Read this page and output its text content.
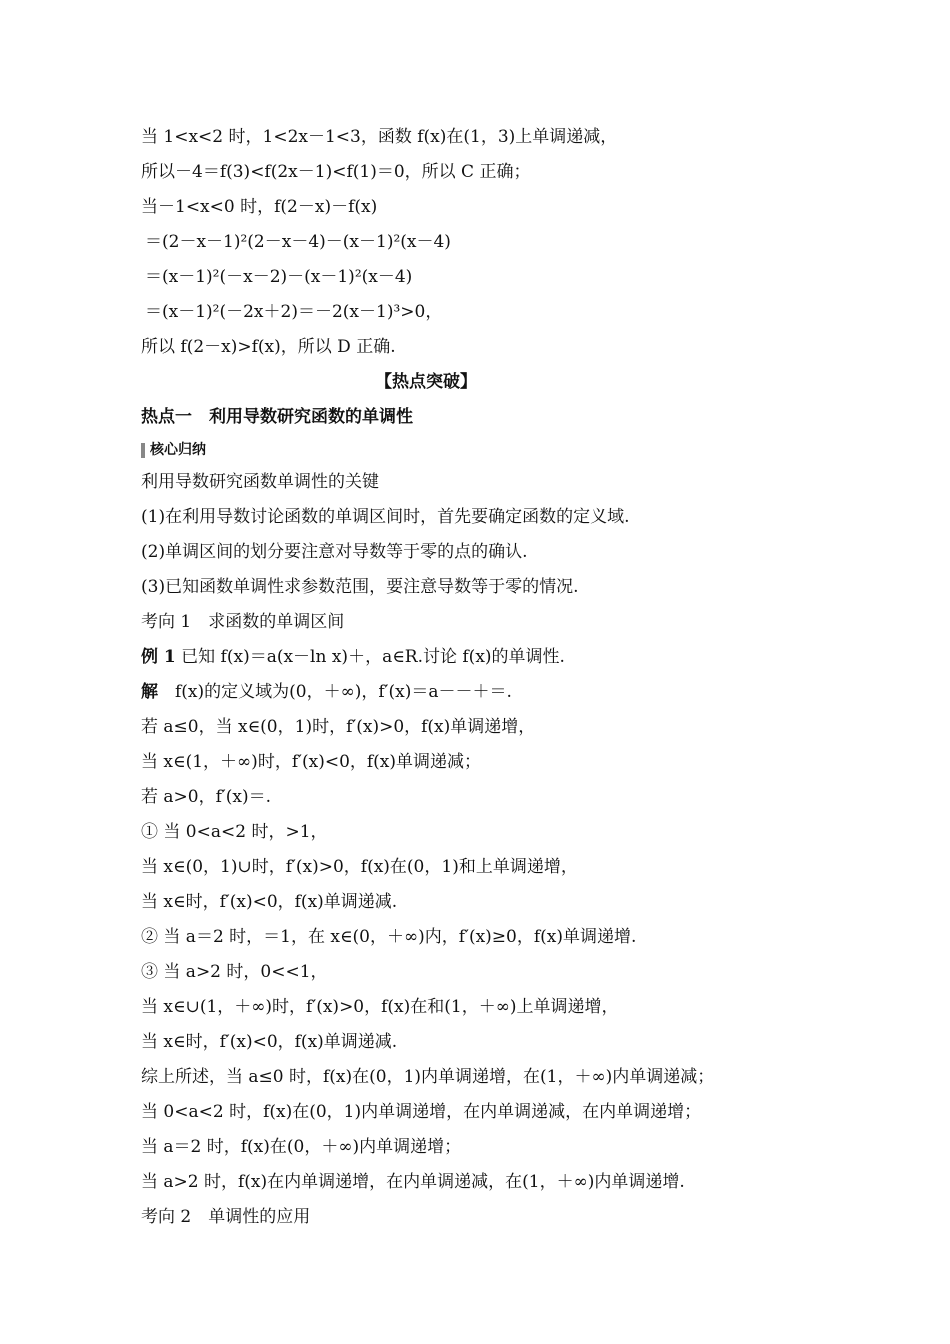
当 1<x<2 时，1<2x－1<3，函数 f(x)在(1，3)上单调递减，
所以－4＝f(3)<f(2x－1)<f(1)＝0，所以 C 正确；
当－1<x<0 时，f(2－x)－f(x)
＝(2－x－1)²(2－x－4)－(x－1)²(x－4)
＝(x－1)²(－x－2)－(x－1)²(x－4)
＝(x－1)²(－2x＋2)＝－2(x－1)³>0，
所以 f(2－x)>f(x)，所以 D 正确.
【热点突破】
热点一　利用导数研究函数的单调性
核心归纳
利用导数研究函数单调性的关键
(1)在利用导数讨论函数的单调区间时，首先要确定函数的定义域.
(2)单调区间的划分要注意对导数等于零的点的确认.
(3)已知函数单调性求参数范围，要注意导数等于零的情况.
考向 1　求函数的单调区间
例 1 已知 f(x)＝a(x－ln x)＋，a∈R.讨论 f(x)的单调性.
解　f(x)的定义域为(0，＋∞)，f′(x)＝a－－＋＝.
若 a≤0，当 x∈(0，1)时，f′(x)>0，f(x)单调递增，
当 x∈(1，＋∞)时，f′(x)<0，f(x)单调递减；
若 a>0，f′(x)＝.
① 当 0<a<2 时，>1，
当 x∈(0，1)∪时，f′(x)>0，f(x)在(0，1)和上单调递增，
当 x∈时，f′(x)<0，f(x)单调递减.
② 当 a＝2 时，＝1，在 x∈(0，＋∞)内，f′(x)≥0，f(x)单调递增.
③ 当 a>2 时，0<<1，
当 x∈∪(1，＋∞)时，f′(x)>0，f(x)在和(1，＋∞)上单调递增，
当 x∈时，f′(x)<0，f(x)单调递减.
综上所述，当 a≤0 时，f(x)在(0，1)内单调递增，在(1，＋∞)内单调递减；
当 0<a<2 时，f(x)在(0，1)内单调递增，在内单调递减，在内单调递增；
当 a＝2 时，f(x)在(0，＋∞)内单调递增；
当 a>2 时，f(x)在内单调递增，在内单调递减，在(1，＋∞)内单调递增.
考向 2　单调性的应用
